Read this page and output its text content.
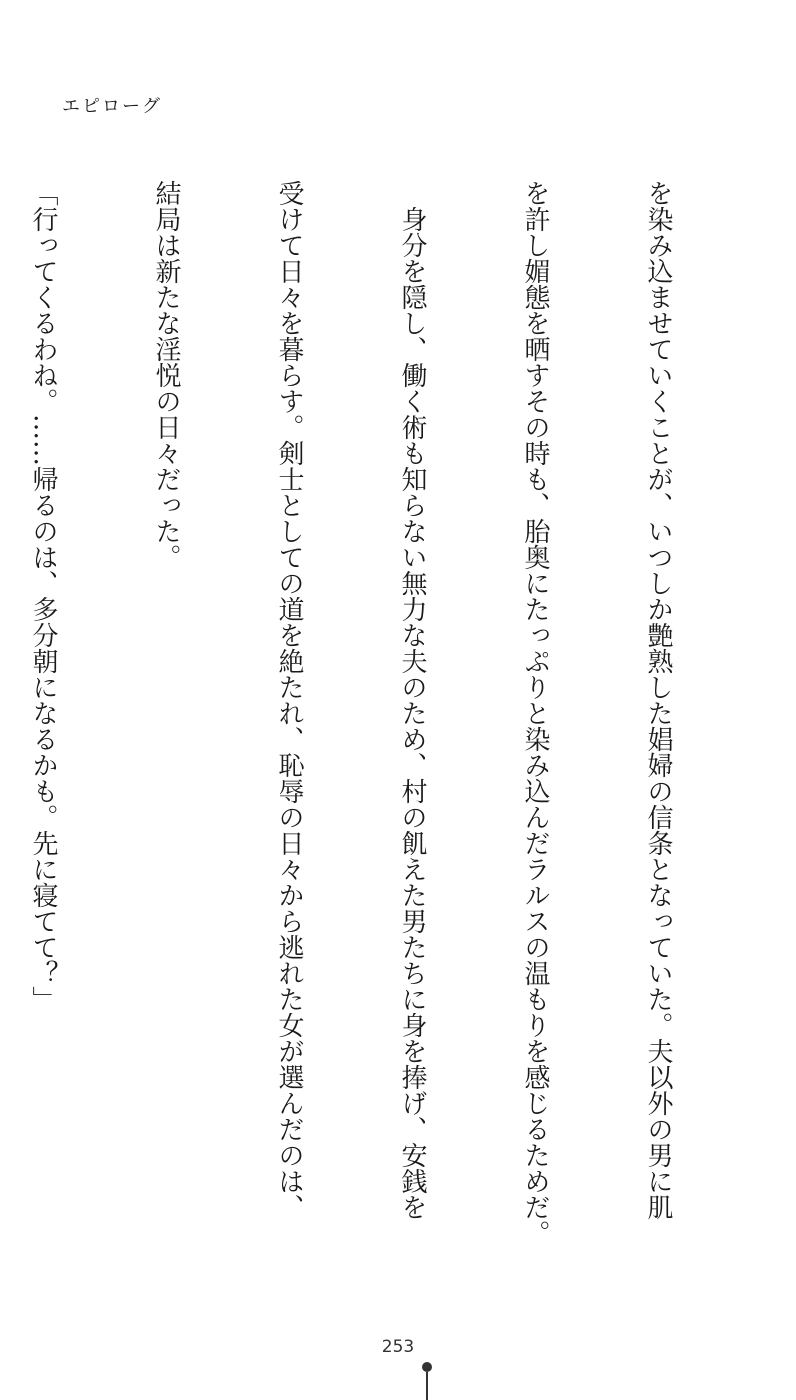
エピローグ

を染み込ませていくことが、いつしか艶熟した娼婦の信条となっていた。夫以外の男に肌

を許し媚態を晒すその時も、胎奥にたっぷりと染み込んだラルスの温もりを感じるためだ。

　身分を隠し、働く術も知らない無力な夫のため、村の飢えた男たちに身を捧げ、安銭を

受けて日々を暮らす。剣士としての道を絶たれ、恥辱の日々から逃れた女が選んだのは、

結局は新たな淫悦の日々だった。

「行ってくるわね。……帰るのは、多分朝になるかも。先に寝てて？」

253
